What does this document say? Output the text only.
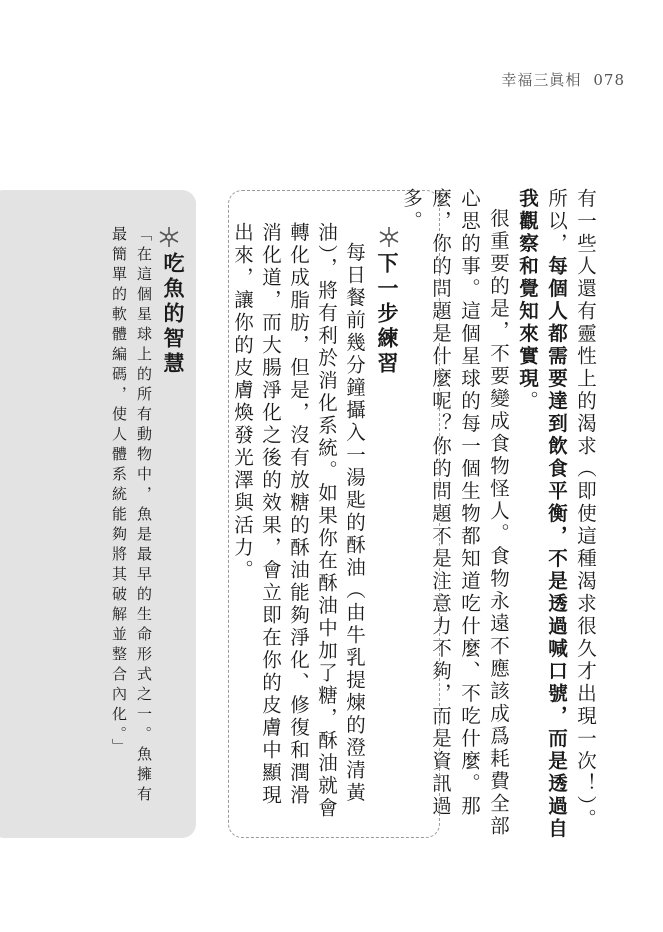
幸福三眞相 078

有一些人還有靈性上的渴求（即使這種渴求很久才出現一次！）。所以，每個人都需要達到飲食平衡，不是透過喊口號，而是透過自我觀察和覺知來實現。

很重要的是，不要變成食物怪人。食物永遠不應該成爲耗費全部心思的事。這個星球的每一個生物都知道吃什麼、不吃什麼。那麼，你的問題是什麼呢？你的問題不是注意力不夠，而是資訊過多。

下一步練習

每日餐前幾分鐘攝入一湯匙的酥油（由牛乳提煉的澄清黃油），將有利於消化系統。如果你在酥油中加了糖，酥油就會轉化成脂肪，但是，沒有放糖的酥油能夠淨化、修復和潤滑消化道，而大腸淨化之後的效果，會立即在你的皮膚中顯現出來，讓你的皮膚煥發光澤與活力。

吃魚的智慧

「在這個星球上的所有動物中，魚是最早的生命形式之一。魚擁有最簡單的軟體編碼，使人體系統能夠將其破解並整合內化。」
